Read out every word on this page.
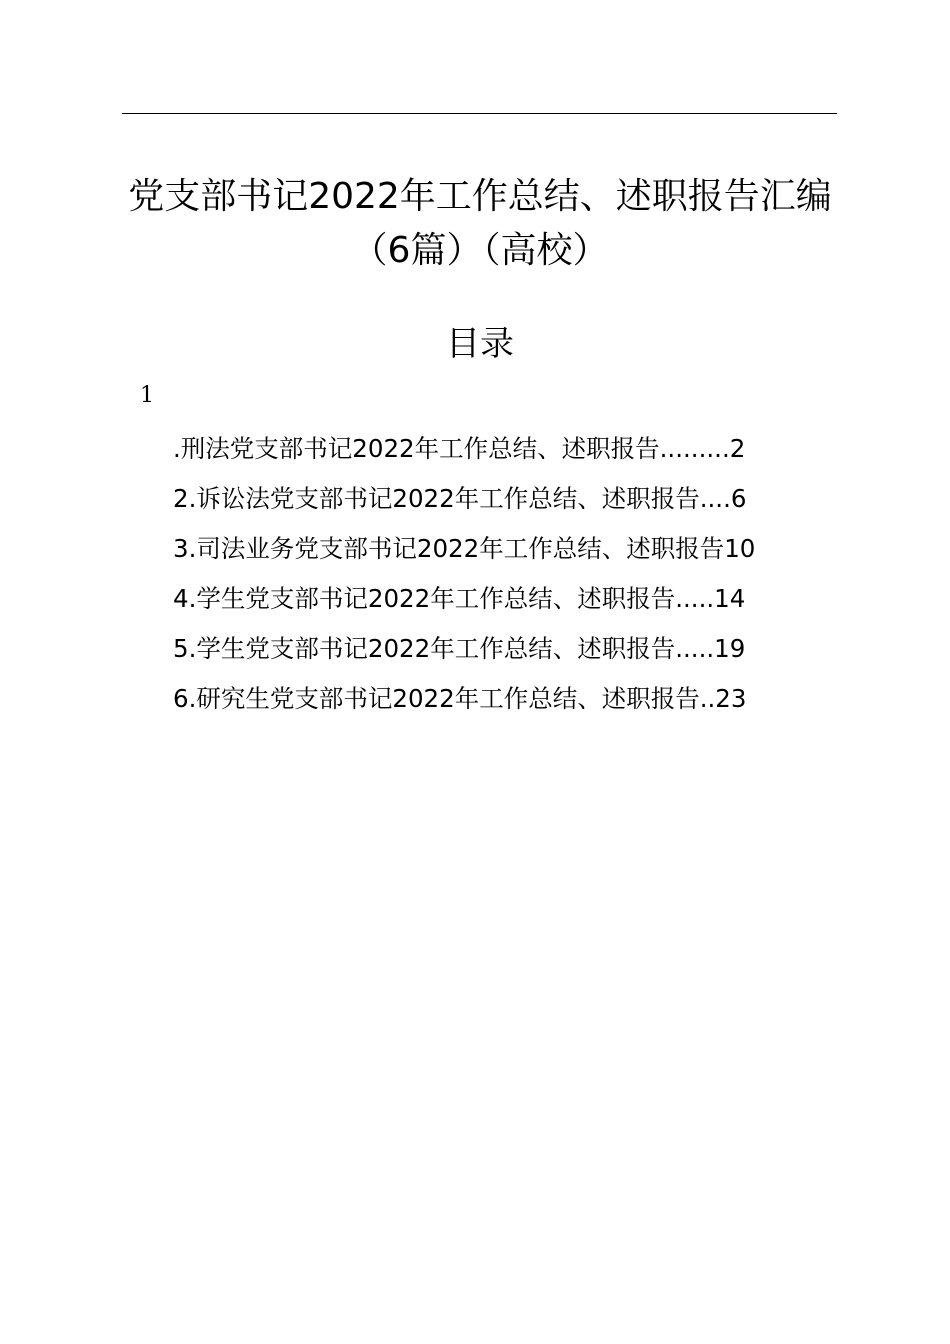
党支部书记2022年工作总结、述职报告汇编
（6篇）（高校）
目录
1
.刑法党支部书记2022年工作总结、述职报告.........2
2.诉讼法党支部书记2022年工作总结、述职报告....6
3.司法业务党支部书记2022年工作总结、述职报告10
4.学生党支部书记2022年工作总结、述职报告.....14
5.学生党支部书记2022年工作总结、述职报告.....19
6.研究生党支部书记2022年工作总结、述职报告..23
